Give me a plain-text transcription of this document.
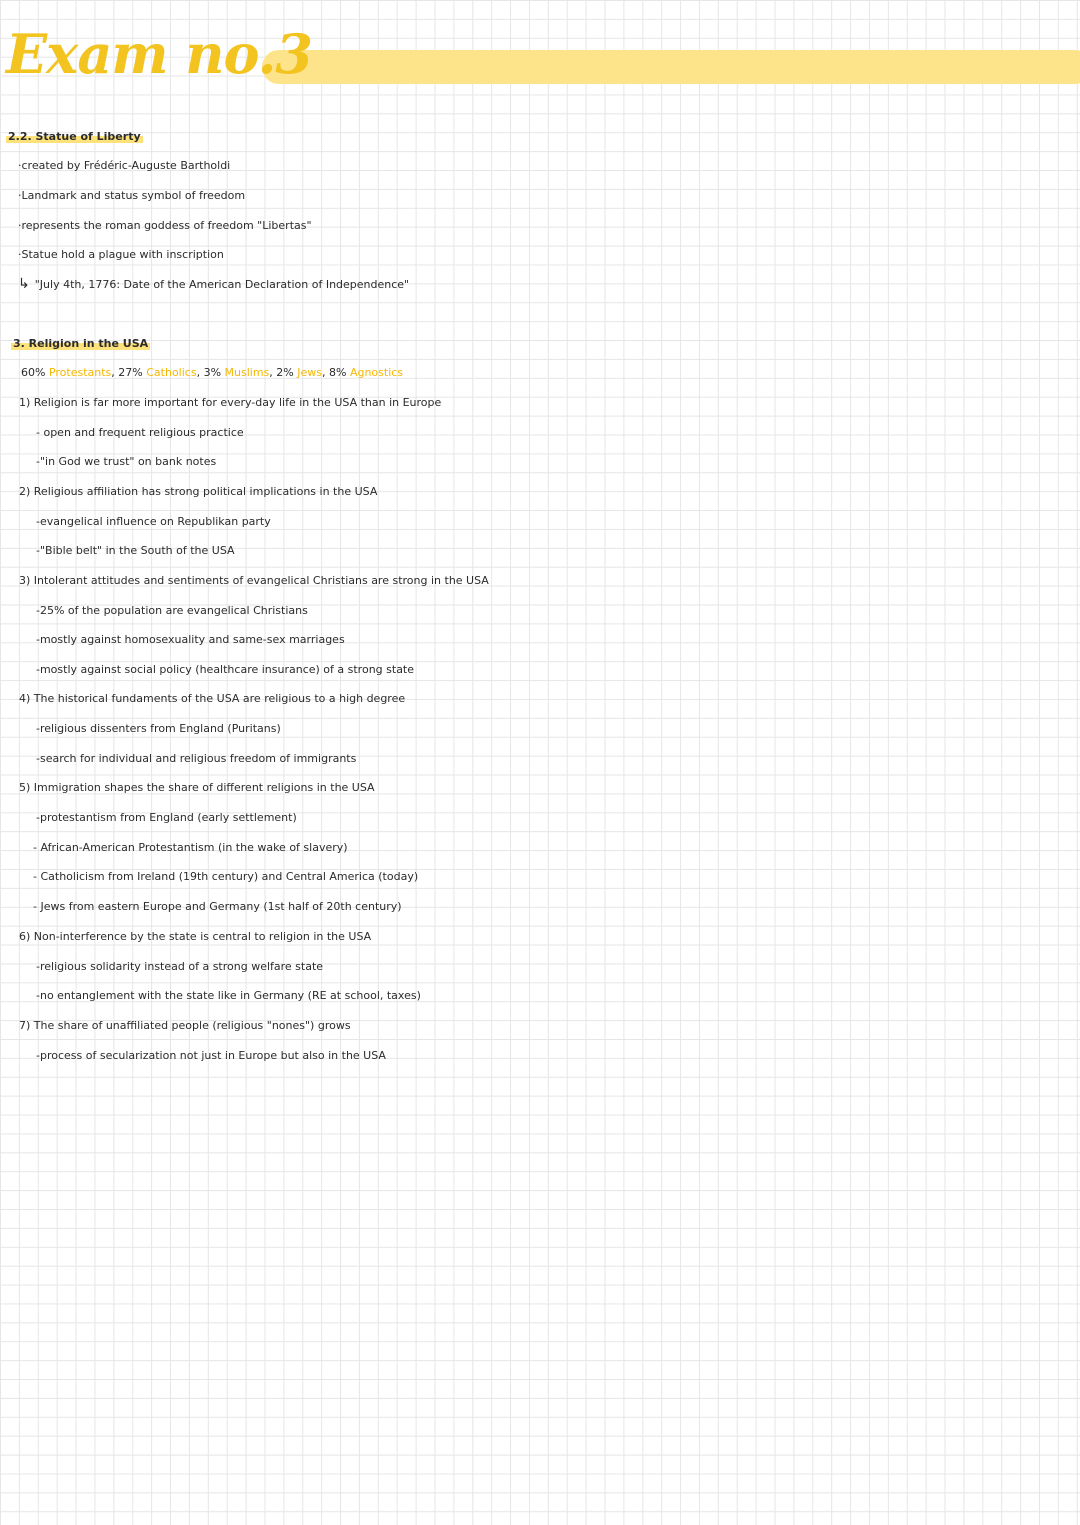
Exam no.3
2.2. Statue of Liberty
·created by Frédéric-Auguste Bartholdi
·Landmark and status symbol of freedom
·represents the roman goddess of freedom "Libertas"
·Statue hold a plague with inscription
↳ "July 4th, 1776: Date of the American Declaration of Independence"
3. Religion in the USA
60% Protestants, 27% Catholics, 3% Muslims, 2% Jews, 8% Agnostics
1) Religion is far more important for every-day life in the USA than in Europe
- open and frequent religious practice
-"in God we trust" on bank notes
2) Religious affiliation has strong political implications in the USA
-evangelical influence on Republikan party
-"Bible belt" in the South of the USA
3) Intolerant attitudes and sentiments of evangelical Christians are strong in the USA
-25% of the population are evangelical Christians
-mostly against homosexuality and same-sex marriages
-mostly against social policy (healthcare insurance) of a strong state
4) The historical fundaments of the USA are religious to a high degree
-religious dissenters from England (Puritans)
-search for individual and religious freedom of immigrants
5) Immigration shapes the share of different religions in the USA
-protestantism from England (early settlement)
- African-American Protestantism (in the wake of slavery)
- Catholicism from Ireland (19th century) and Central America (today)
- Jews from eastern Europe and Germany (1st half of 20th century)
6) Non-interference by the state is central to religion in the USA
-religious solidarity instead of a strong welfare state
-no entanglement with the state like in Germany (RE at school, taxes)
7) The share of unaffiliated people (religious "nones") grows
-process of secularization not just in Europe but also in the USA
